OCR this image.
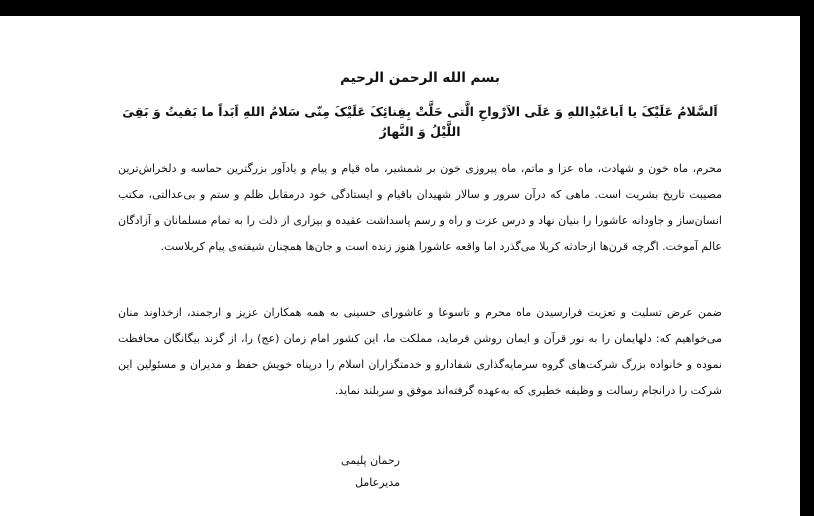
بسم الله الرحمن الرحیم

اَلسَّلامُ عَلَیْکَ یا اَباعَبْدِاللهِ وَ عَلَی الاَرْواحِ الَّتی حَلَّتْ بِفِنائِکَ عَلَیْکَ مِنّی سَلامُ اللهِ اَبَداً ما بَقیتُ وَ بَقِیَ اللَّیْلُ وَ النَّهارُ

محرم، ماه خون و شهادت، ماه عزا و ماتم، ماه پیروزی خون بر شمشیر، ماه قیام و پیام و یادآور بزرگترین حماسه و دلخراش‌ترین مصیبت تاریخ بشریت است. ماهی که درآن سرور و سالار شهیدان باقیام و ایستادگی خود درمقابل ظلم و ستم و بی‌عدالتی، مکتب انسان‌ساز و جاودانه عاشورا را بنیان نهاد و درس عزت و راه و رسم پاسداشت عقیده و بیزاری از ذلت را به تمام مسلمانان و آزادگان عالم آموخت. اگرچه قرن‌ها ازحادثه کربلا می‌گذرد اما واقعه عاشورا هنوز زنده است و جان‌ها همچنان شیفته‌ی پیام کربلاست.

ضمن عرض تسلیت و تعزیت فرارسیدن ماه محرم و تاسوعا و عاشورای حسینی به همه همکاران عزیز و ارجمند، ازخداوند منان می‌خواهیم که: دلهایمان را به نور قرآن و ایمان روشن فرماید، مملکت ما، این کشور امام زمان (عج) را، از گزند بیگانگان محافظت نموده و خانواده بزرگ شرکت‌های گروه سرمایه‌گذاری شفادارو و خدمتگزاران اسلام را درپناه خویش حفظ و مدیران و مسئولین این شرکت را درانجام رسالت و وظیفه خطیری که به‌عهده گرفته‌اند موفق و سربلند نماید.

رحمان پلیمی
مدیرعامل
